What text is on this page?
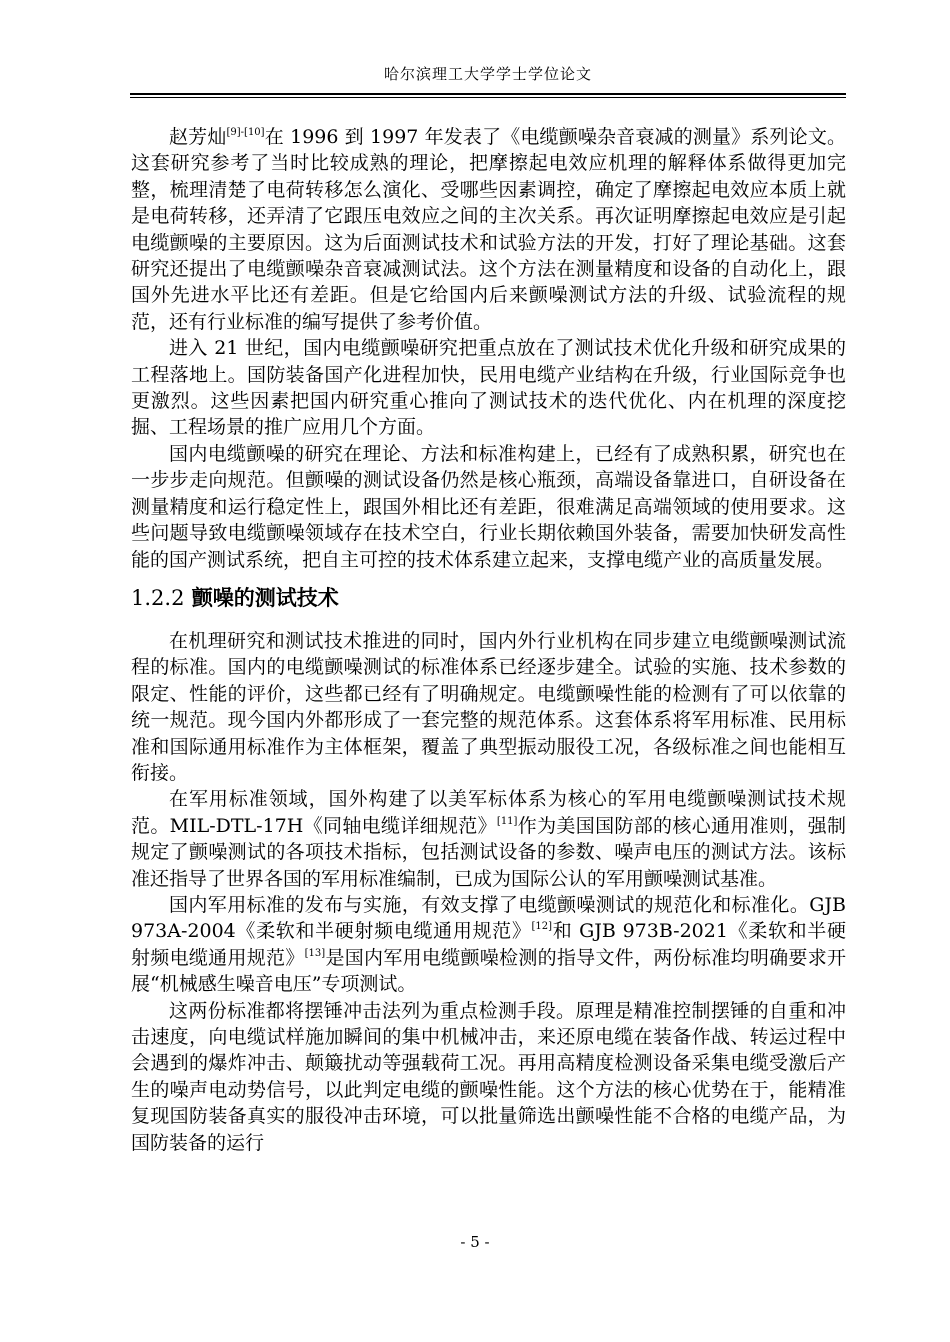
哈尔滨理工大学学士学位论文

赵芳灿[9]-[10]在 1996 到 1997 年发表了《电缆颤噪杂音衰减的测量》系列论文。这套研究参考了当时比较成熟的理论，把摩擦起电效应机理的解释体系做得更加完整，梳理清楚了电荷转移怎么演化、受哪些因素调控，确定了摩擦起电效应本质上就是电荷转移，还弄清了它跟压电效应之间的主次关系。再次证明摩擦起电效应是引起电缆颤噪的主要原因。这为后面测试技术和试验方法的开发，打好了理论基础。这套研究还提出了电缆颤噪杂音衰减测试法。这个方法在测量精度和设备的自动化上，跟国外先进水平比还有差距。但是它给国内后来颤噪测试方法的升级、试验流程的规范，还有行业标准的编写提供了参考价值。

进入 21 世纪，国内电缆颤噪研究把重点放在了测试技术优化升级和研究成果的工程落地上。国防装备国产化进程加快，民用电缆产业结构在升级，行业国际竞争也更激烈。这些因素把国内研究重心推向了测试技术的迭代优化、内在机理的深度挖掘、工程场景的推广应用几个方面。

国内电缆颤噪的研究在理论、方法和标准构建上，已经有了成熟积累，研究也在一步步走向规范。但颤噪的测试设备仍然是核心瓶颈，高端设备靠进口，自研设备在测量精度和运行稳定性上，跟国外相比还有差距，很难满足高端领域的使用要求。这些问题导致电缆颤噪领域存在技术空白，行业长期依赖国外装备，需要加快研发高性能的国产测试系统，把自主可控的技术体系建立起来，支撑电缆产业的高质量发展。

1.2.2 颤噪的测试技术

在机理研究和测试技术推进的同时，国内外行业机构在同步建立电缆颤噪测试流程的标准。国内的电缆颤噪测试的标准体系已经逐步建全。试验的实施、技术参数的限定、性能的评价，这些都已经有了明确规定。电缆颤噪性能的检测有了可以依靠的统一规范。现今国内外都形成了一套完整的规范体系。这套体系将军用标准、民用标准和国际通用标准作为主体框架，覆盖了典型振动服役工况，各级标准之间也能相互衔接。

在军用标准领域，国外构建了以美军标体系为核心的军用电缆颤噪测试技术规范。MIL-DTL-17H《同轴电缆详细规范》[11]作为美国国防部的核心通用准则，强制规定了颤噪测试的各项技术指标，包括测试设备的参数、噪声电压的测试方法。该标准还指导了世界各国的军用标准编制，已成为国际公认的军用颤噪测试基准。

国内军用标准的发布与实施，有效支撑了电缆颤噪测试的规范化和标准化。GJB 973A-2004《柔软和半硬射频电缆通用规范》[12]和 GJB 973B-2021《柔软和半硬射频电缆通用规范》[13]是国内军用电缆颤噪检测的指导文件，两份标准均明确要求开展“机械感生噪音电压”专项测试。

这两份标准都将摆锤冲击法列为重点检测手段。原理是精准控制摆锤的自重和冲击速度，向电缆试样施加瞬间的集中机械冲击，来还原电缆在装备作战、转运过程中会遇到的爆炸冲击、颠簸扰动等强载荷工况。再用高精度检测设备采集电缆受激后产生的噪声电动势信号，以此判定电缆的颤噪性能。这个方法的核心优势在于，能精准复现国防装备真实的服役冲击环境，可以批量筛选出颤噪性能不合格的电缆产品，为国防装备的运行

- 5 -
